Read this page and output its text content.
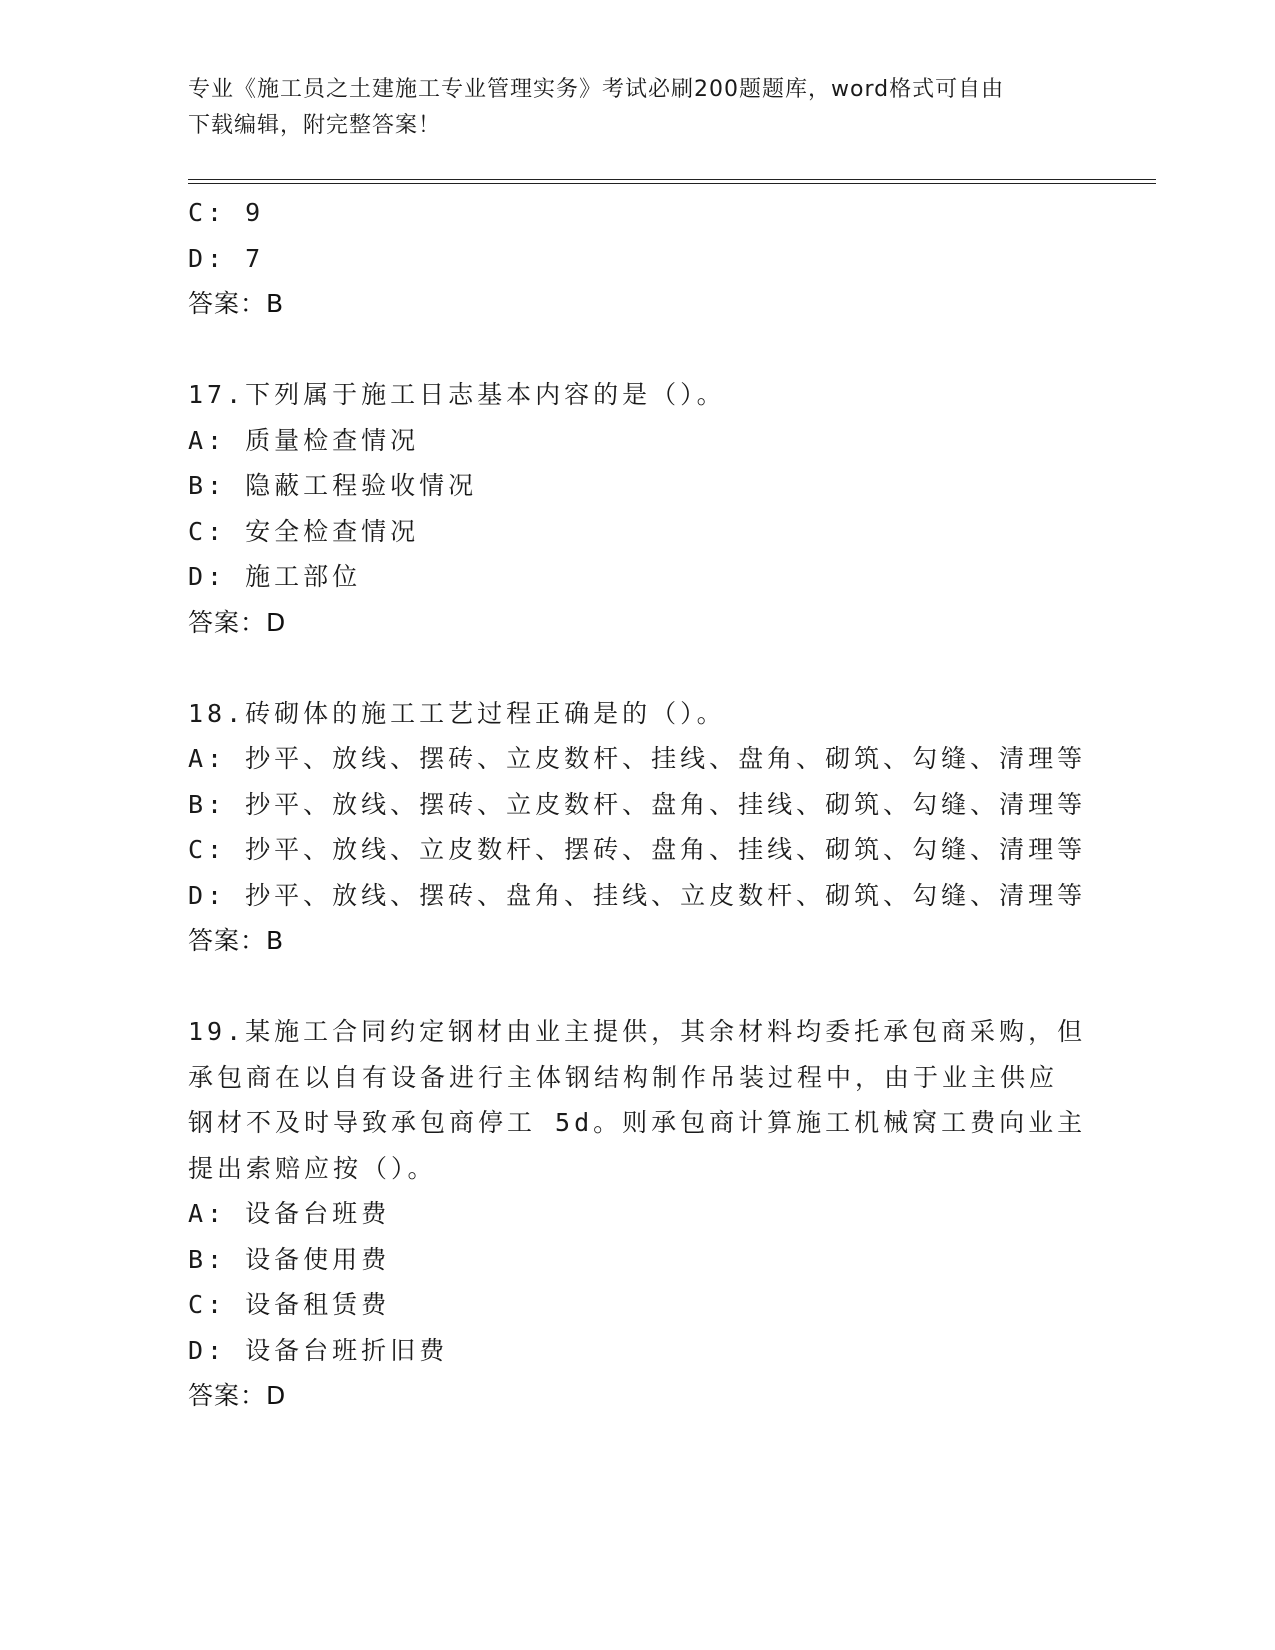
专业《施工员之土建施工专业管理实务》考试必刷200题题库，word格式可自由
下载编辑，附完整答案！
C: 9
D: 7
答案：B
17.下列属于施工日志基本内容的是（）。
A: 质量检查情况
B: 隐蔽工程验收情况
C: 安全检查情况
D: 施工部位
答案：D
18.砖砌体的施工工艺过程正确是的（）。
A: 抄平、放线、摆砖、立皮数杆、挂线、盘角、砌筑、勾缝、清理等
B: 抄平、放线、摆砖、立皮数杆、盘角、挂线、砌筑、勾缝、清理等
C: 抄平、放线、立皮数杆、摆砖、盘角、挂线、砌筑、勾缝、清理等
D: 抄平、放线、摆砖、盘角、挂线、立皮数杆、砌筑、勾缝、清理等
答案：B
19.某施工合同约定钢材由业主提供，其余材料均委托承包商采购，但
承包商在以自有设备进行主体钢结构制作吊装过程中，由于业主供应
钢材不及时导致承包商停工 5d。则承包商计算施工机械窝工费向业主
提出索赔应按（）。
A: 设备台班费
B: 设备使用费
C: 设备租赁费
D: 设备台班折旧费
答案：D
